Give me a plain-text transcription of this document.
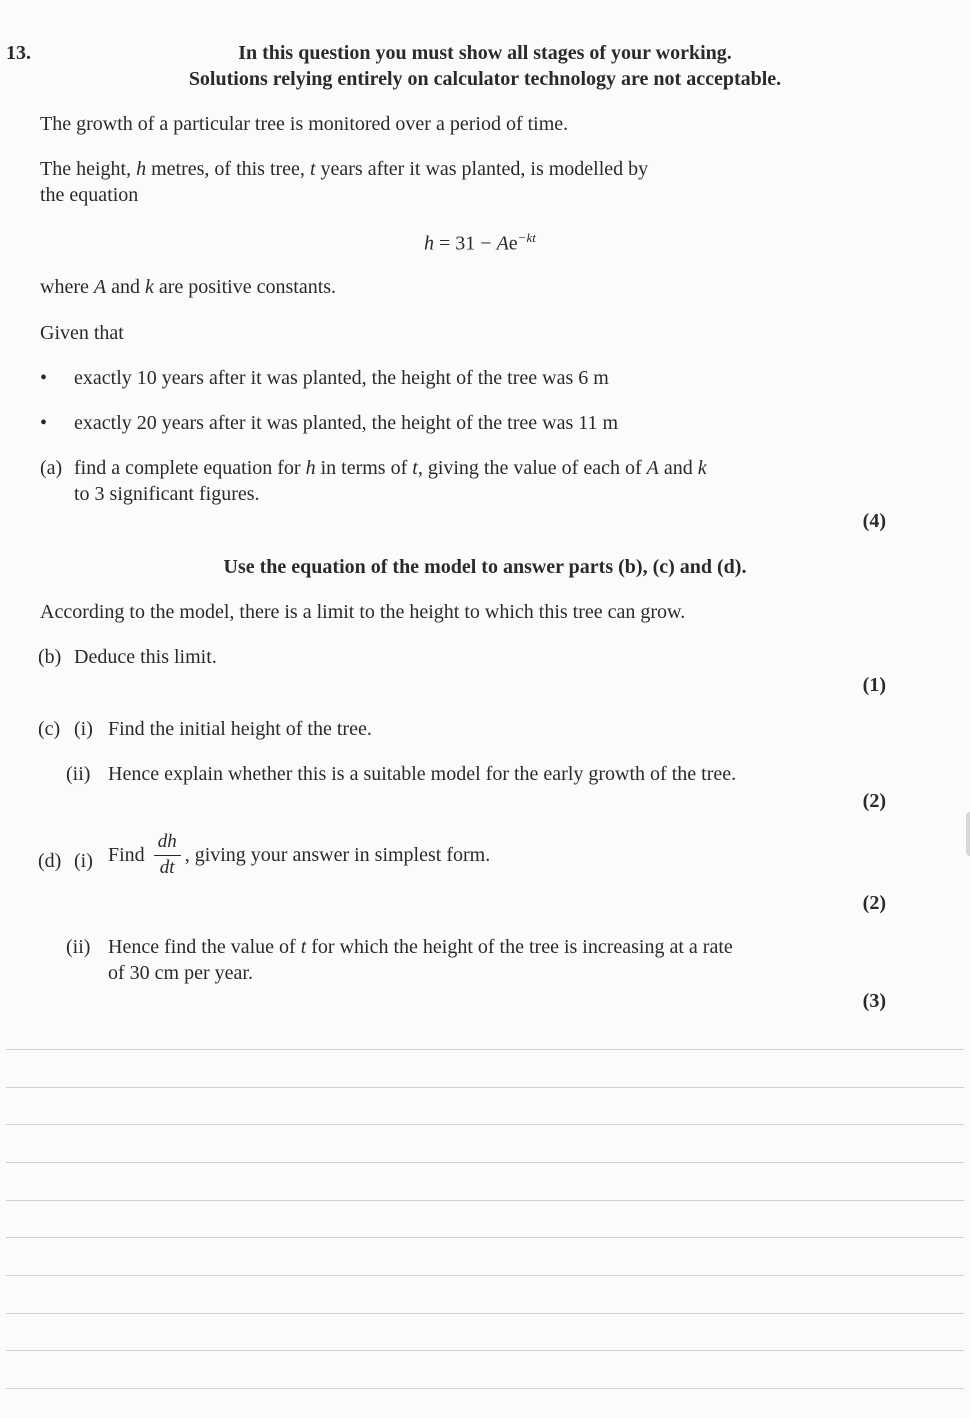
13.	In this question you must show all stages of your working.
Solutions relying entirely on calculator technology are not acceptable.
The growth of a particular tree is monitored over a period of time.
The height, h metres, of this tree, t years after it was planted, is modelled by
the equation
$h = 31 - Ae^{-kt}$
where A and k are positive constants.
Given that
• exactly 10 years after it was planted, the height of the tree was 6 m
• exactly 20 years after it was planted, the height of the tree was 11 m
(a) find a complete equation for h in terms of t, giving the value of each of A and k
to 3 significant figures.
(4)
Use the equation of the model to answer parts (b), (c) and (d).
According to the model, there is a limit to the height to which this tree can grow.
(b) Deduce this limit.
(1)
(c) (i) Find the initial height of the tree.
(ii) Hence explain whether this is a suitable model for the early growth of the tree.
(2)
(d) (i) Find $\frac{dh}{dt}$ , giving your answer in simplest form.
(2)
(ii) Hence find the value of t for which the height of the tree is increasing at a rate
of 30 cm per year.
(3)
